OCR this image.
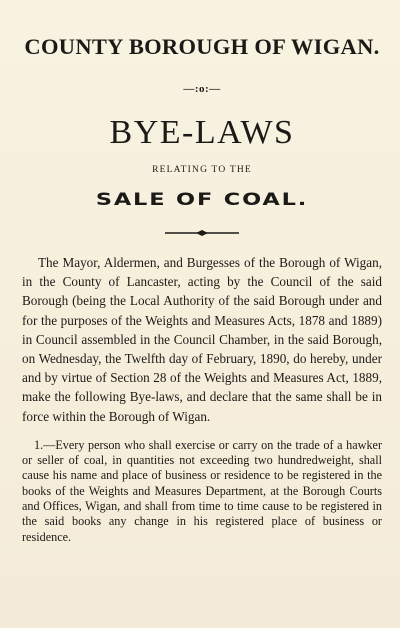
COUNTY BOROUGH OF WIGAN.
—:o:—
BYE-LAWS
RELATING TO THE
SALE OF COAL.

The Mayor, Aldermen, and Burgesses of the Borough of Wigan, in the County of Lancaster, acting by the Council of the said Borough (being the Local Authority of the said Borough under and for the purposes of the Weights and Measures Acts, 1878 and 1889) in Council assembled in the Council Chamber, in the said Borough, on Wednesday, the Twelfth day of February, 1890, do hereby, under and by virtue of Section 28 of the Weights and Measures Act, 1889, make the following Bye-laws, and declare that the same shall be in force within the Borough of Wigan.

1.—Every person who shall exercise or carry on the trade of a hawker or seller of coal, in quantities not exceeding two hundredweight, shall cause his name and place of business or residence to be registered in the books of the Weights and Measures Department, at the Borough Courts and Offices, Wigan, and shall from time to time cause to be registered in the said books any change in his registered place of business or residence.
